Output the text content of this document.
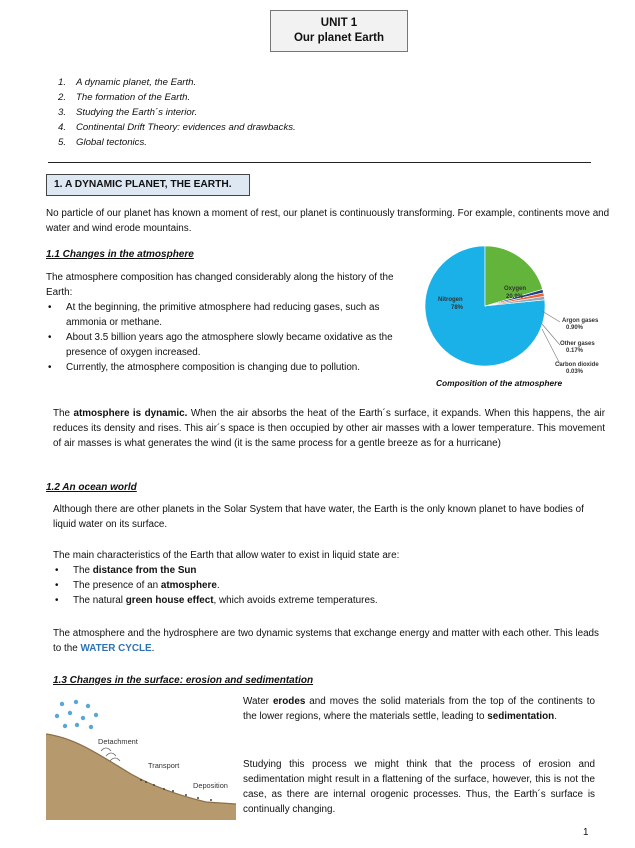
UNIT 1
Our planet Earth
1. A dynamic planet, the Earth.
2. The formation of the Earth.
3. Studying the Earth´s interior.
4. Continental Drift Theory: evidences and drawbacks.
5. Global tectonics.
1. A DYNAMIC PLANET, THE EARTH.
No particle of our planet has known a moment of rest, our planet is continuously transforming. For example, continents move and water and wind erode mountains.
1.1 Changes in the atmosphere
The atmosphere composition has changed considerably along the history of the Earth:
• At the beginning, the primitive atmosphere had reducing gases, such as ammonia or methane.
• About 3.5 billion years ago the atmosphere slowly became oxidative as the presence of oxygen increased.
• Currently, the atmosphere composition is changing due to pollution.
Nitrogen
78%
Oxygen
20.9%
Argon gases
0.90%
Other gases
0.17%
Carbon dioxide
0.03%
Composition of the atmosphere
The atmosphere is dynamic. When the air absorbs the heat of the Earth´s surface, it expands. When this happens, the air reduces its density and rises. This air´s space is then occupied by other air masses with a lower temperature. This movement of air masses is what generates the wind (it is the same process for a gentle breeze as for a hurricane)
1.2 An ocean world
Although there are other planets in the Solar System that have water, the Earth is the only known planet to have bodies of liquid water on its surface.
The main characteristics of the Earth that allow water to exist in liquid state are:
• The distance from the Sun
• The presence of an atmosphere.
• The natural green house effect, which avoids extreme temperatures.
The atmosphere and the hydrosphere are two dynamic systems that exchange energy and matter with each other. This leads to the WATER CYCLE.
1.3 Changes in the surface: erosion and sedimentation
Detachment
Transport
Deposition
Water erodes and moves the solid materials from the top of the continents to the lower regions, where the materials settle, leading to sedimentation.
Studying this process we might think that the process of erosion and sedimentation might result in a flattening of the surface, however, this is not the case, as there are internal orogenic processes. Thus, the Earth´s surface is continually changing.
1
